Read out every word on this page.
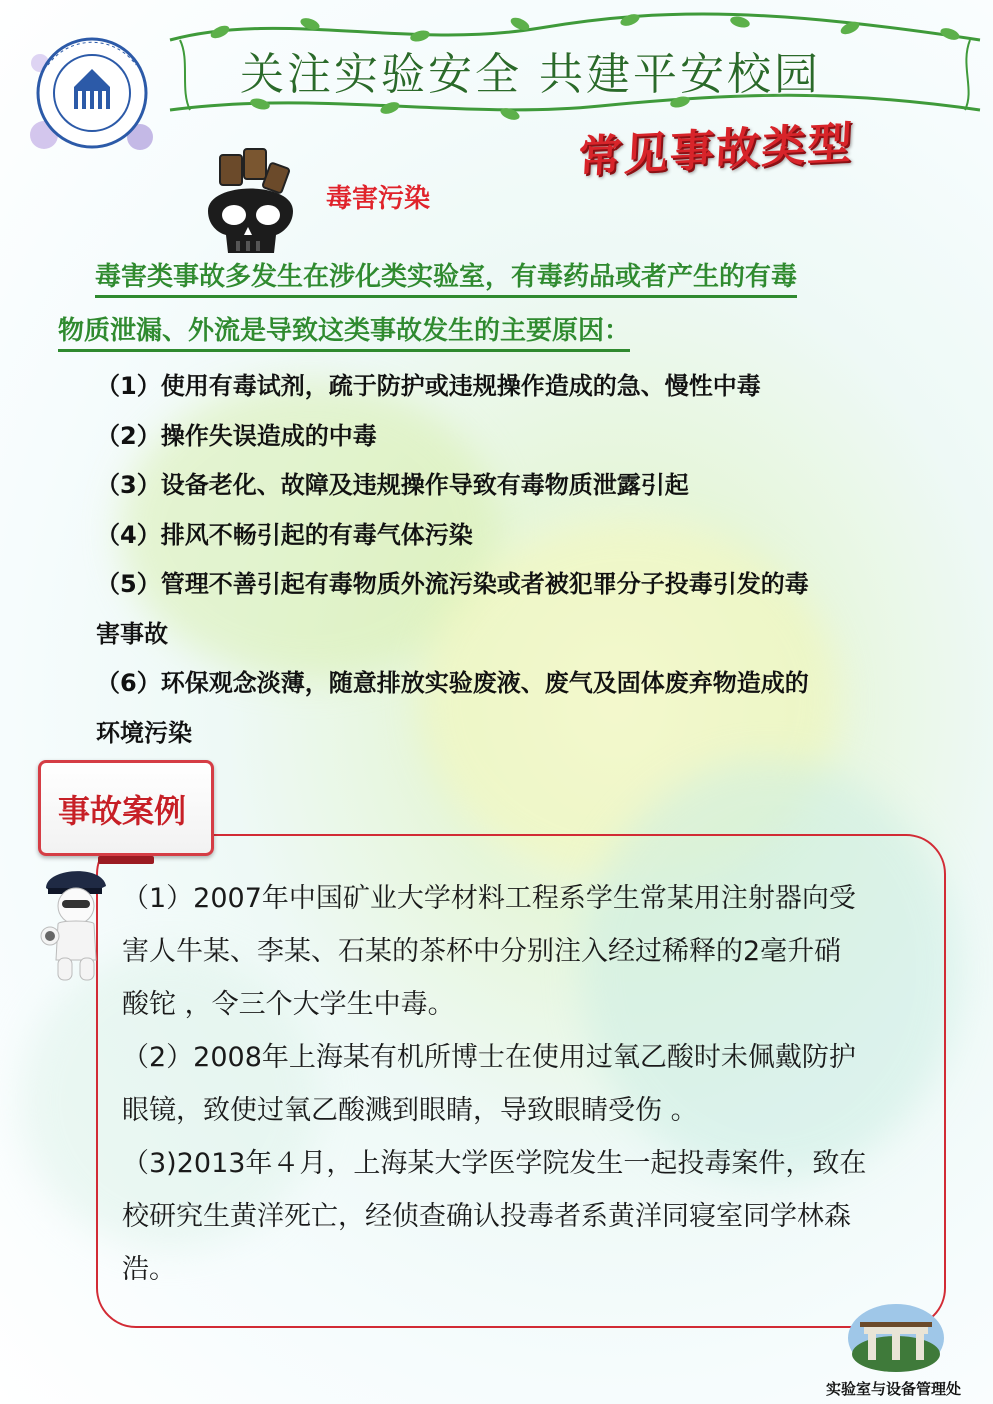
关注实验安全 共建平安校园
常见事故类型
毒害污染
毒害类事故多发生在涉化类实验室，有毒药品或者产生的有毒
物质泄漏、外流是导致这类事故发生的主要原因：
（1）使用有毒试剂，疏于防护或违规操作造成的急、慢性中毒
（2）操作失误造成的中毒
（3）设备老化、故障及违规操作导致有毒物质泄露引起
（4）排风不畅引起的有毒气体污染
（5）管理不善引起有毒物质外流污染或者被犯罪分子投毒引发的毒
害事故
（6）环保观念淡薄，随意排放实验废液、废气及固体废弃物造成的
环境污染
事故案例
（1）2007年中国矿业大学材料工程系学生常某用注射器向受
害人牛某、李某、石某的茶杯中分别注入经过稀释的2毫升硝
酸铊 ，令三个大学生中毒。
（2）2008年上海某有机所博士在使用过氧乙酸时未佩戴防护
眼镜，致使过氧乙酸溅到眼睛，导致眼睛受伤 。
（3)2013年４月，上海某大学医学院发生一起投毒案件，致在
校研究生黄洋死亡，经侦查确认投毒者系黄洋同寝室同学林森
浩。
实验室与设备管理处
